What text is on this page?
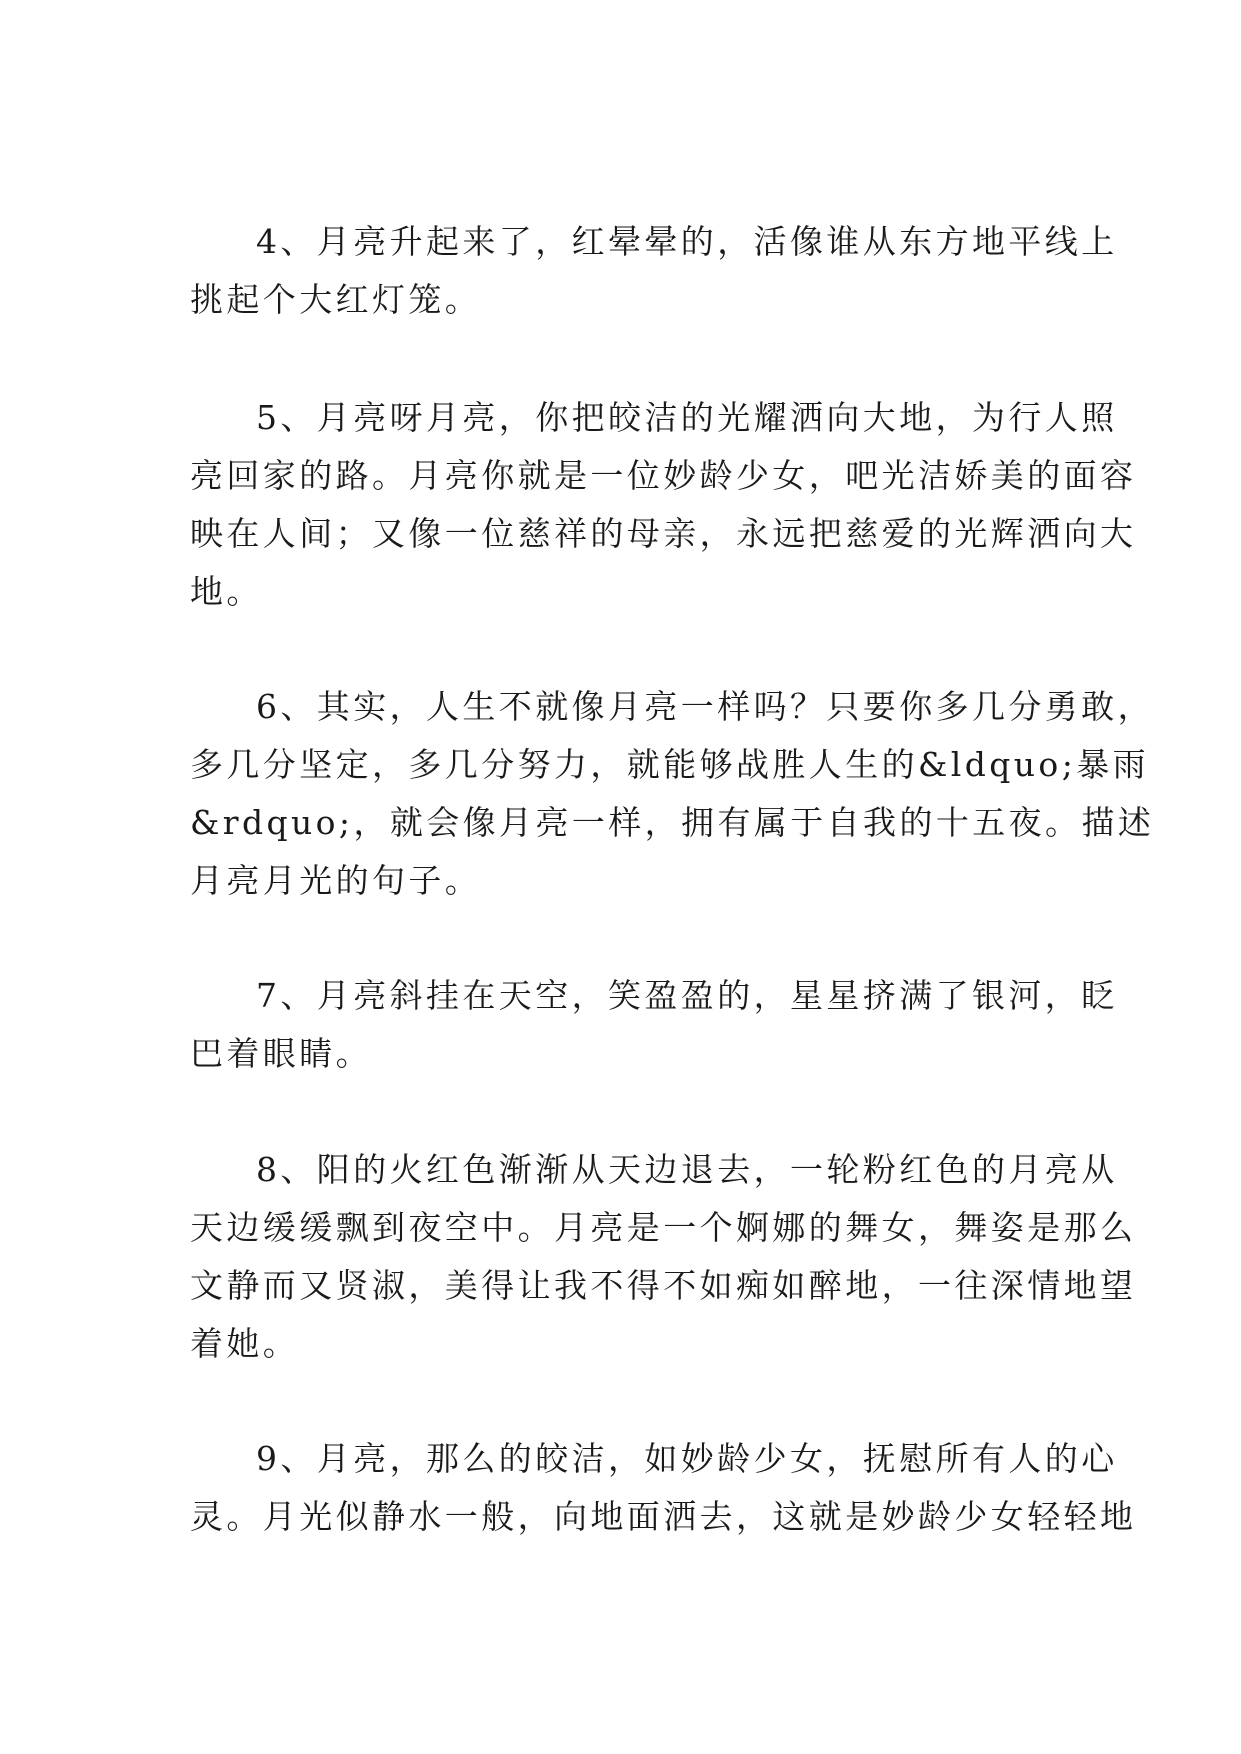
4、月亮升起来了，红晕晕的，活像谁从东方地平线上
挑起个大红灯笼。
5、月亮呀月亮，你把皎洁的光耀洒向大地，为行人照
亮回家的路。月亮你就是一位妙龄少女，吧光洁娇美的面容
映在人间；又像一位慈祥的母亲，永远把慈爱的光辉洒向大
地。
6、其实，人生不就像月亮一样吗？只要你多几分勇敢，
多几分坚定，多几分努力，就能够战胜人生的&ldquo;暴雨
&rdquo;，就会像月亮一样，拥有属于自我的十五夜。描述
月亮月光的句子。
7、月亮斜挂在天空，笑盈盈的，星星挤满了银河，眨
巴着眼睛。
8、阳的火红色渐渐从天边退去，一轮粉红色的月亮从
天边缓缓飘到夜空中。月亮是一个婀娜的舞女，舞姿是那么
文静而又贤淑，美得让我不得不如痴如醉地，一往深情地望
着她。
9、月亮，那么的皎洁，如妙龄少女，抚慰所有人的心
灵。月光似静水一般，向地面洒去，这就是妙龄少女轻轻地
